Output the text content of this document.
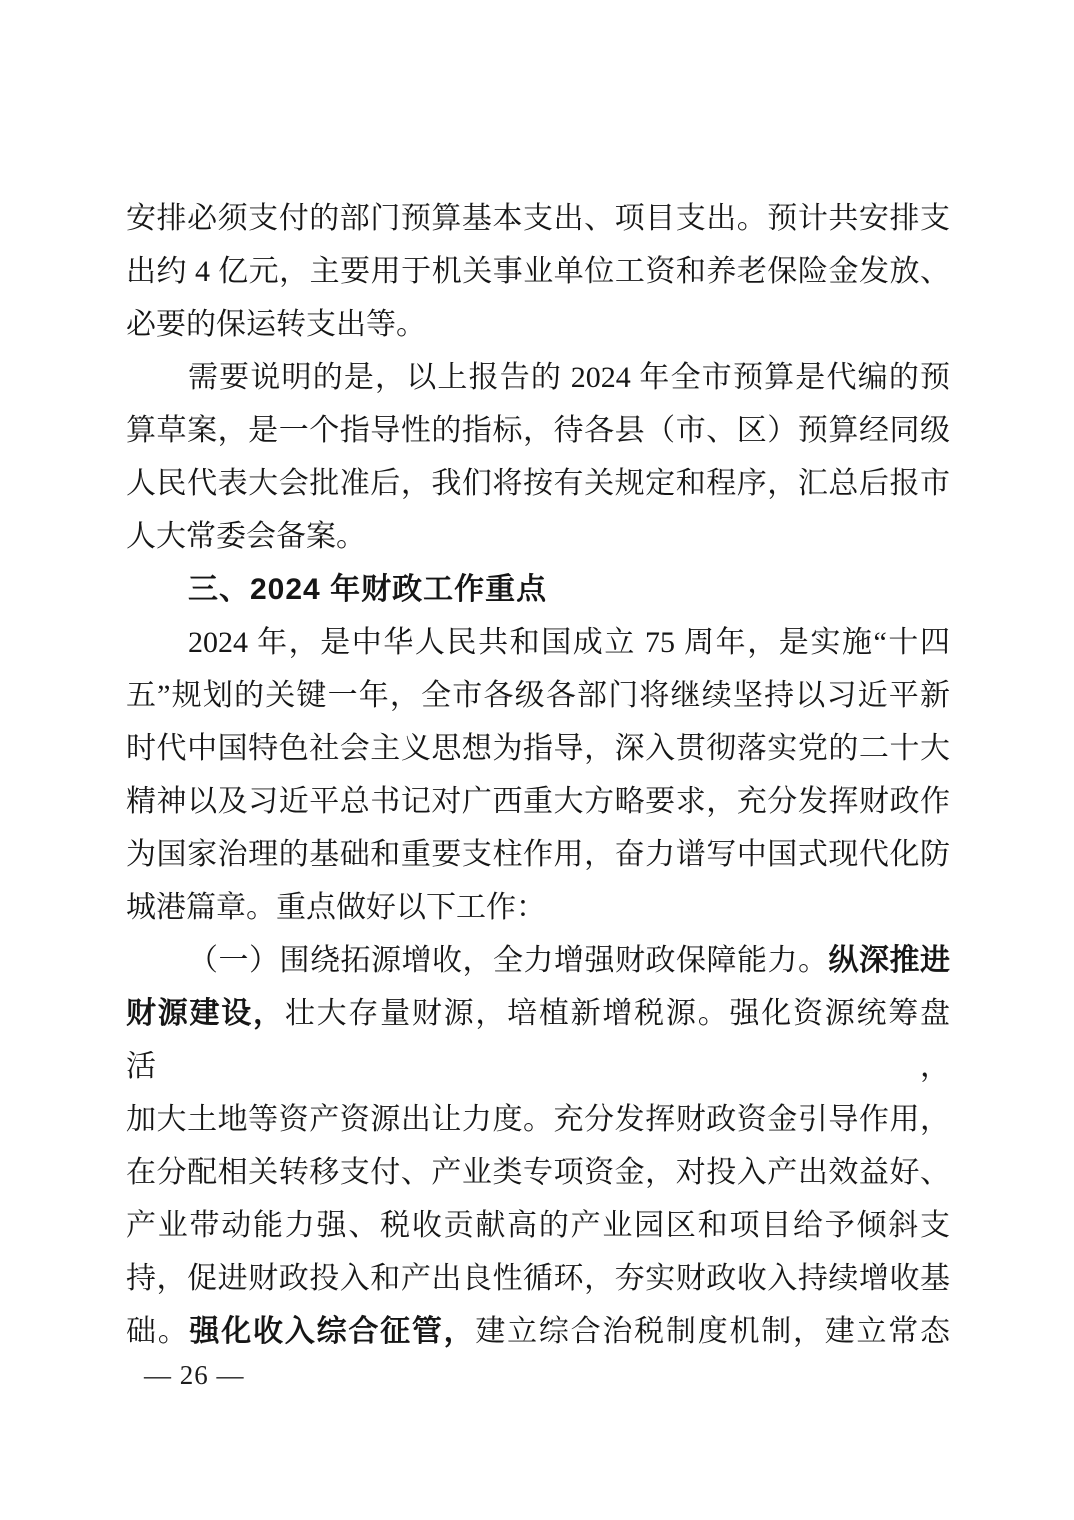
安排必须支付的部门预算基本支出、项目支出。预计共安排支
出约 4 亿元，主要用于机关事业单位工资和养老保险金发放、
必要的保运转支出等。
需要说明的是，以上报告的 2024 年全市预算是代编的预
算草案，是一个指导性的指标，待各县（市、区）预算经同级
人民代表大会批准后，我们将按有关规定和程序，汇总后报市
人大常委会备案。
三、2024 年财政工作重点
2024 年，是中华人民共和国成立 75 周年，是实施“十四
五”规划的关键一年，全市各级各部门将继续坚持以习近平新
时代中国特色社会主义思想为指导，深入贯彻落实党的二十大
精神以及习近平总书记对广西重大方略要求，充分发挥财政作
为国家治理的基础和重要支柱作用，奋力谱写中国式现代化防
城港篇章。重点做好以下工作：
（一）围绕拓源增收，全力增强财政保障能力。纵深推进
财源建设，壮大存量财源，培植新增税源。强化资源统筹盘活，
加大土地等资产资源出让力度。充分发挥财政资金引导作用，
在分配相关转移支付、产业类专项资金，对投入产出效益好、
产业带动能力强、税收贡献高的产业园区和项目给予倾斜支
持，促进财政投入和产出良性循环，夯实财政收入持续增收基
础。强化收入综合征管，建立综合治税制度机制，建立常态
— 26 —
